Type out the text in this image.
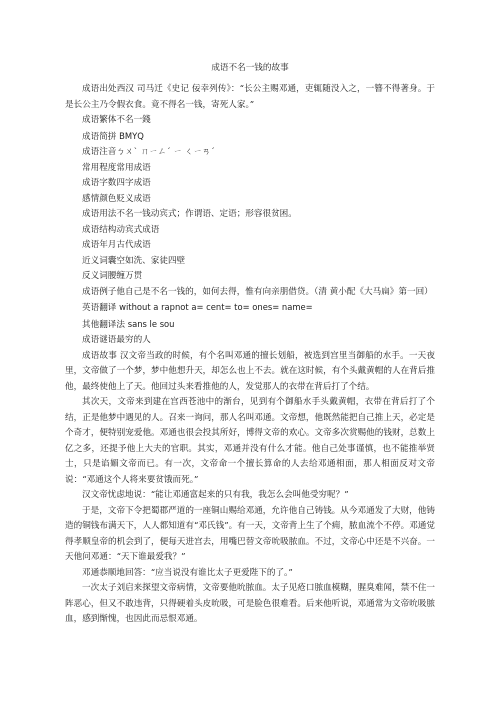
成语不名一钱的故事

成语出处西汉 司马迁《史记 佞幸列传》：“长公主赐邓通，吏辄随没入之，一簪不得著身。于是长公主乃令假衣食。竟不得名一钱，寄死人家。”

成语繁体不名一錢

成语简拼 BMYQ

成语注音ㄅㄨˋ ㄇㄧㄥˊ ㄧ ㄑㄧㄢˊ

常用程度常用成语

成语字数四字成语

感情颜色贬义成语

成语用法不名一钱动宾式；作谓语、定语；形容很贫困。

成语结构动宾式成语

成语年月古代成语

近义词囊空如洗、家徒四壁

反义词腰缠万贯

成语例子他自己是不名一钱的，如何去得，惟有向亲朋借贷。（清 黄小配《大马扁》第一回）

英语翻译 without a rapnot a= cent= to= ones= name=

其他翻译法 sans le sou

成语谜语最穷的人

成语故事 汉文帝当政的时候，有个名叫邓通的擅长划船，被选到宫里当御船的水手。一天夜里，文帝做了一个梦，梦中他想升天，却怎么也上不去。就在这时候，有个头戴黄帽的人在背后推他，最终使他上了天。他回过头来看推他的人，发觉那人的衣带在背后打了个结。

其次天，文帝来到建在宫西苍池中的渐台，见到有个御船水手头戴黄帽，衣带在背后打了个结，正是他梦中遇见的人。召来一询问，那人名叫邓通。文帝想，他既然能把自己推上天，必定是个奇才，便特别宠爱他。邓通也很会投其所好，博得文帝的欢心。文帝多次赏赐他的钱财，总数上亿之多，还提予他上大夫的官职。其实，邓通并没有什么才能。他自己处事谨慎，也不能推举贤士，只是谄媚文帝而已。有一次，文帝命一个擅长算命的人去给邓通相面，那人相面反对文帝说：“邓通这个人将来要贫饿而死。”

汉文帝忧虑地说：“能让邓通富起来的只有我，我怎么会叫他受穷呢？”

于是，文帝下令把蜀郡严道的一座铜山赐给邓通，允许他自己铸钱。从今邓通发了大财，他铸造的铜钱布满天下，人人都知道有“邓氏钱”。有一天，文帝背上生了个痈，脓血流个不停。邓通觉得孝顺皇帝的机会到了，便每天进宫去，用嘴巴替文帝吮吸脓血。不过，文帝心中还是不兴奋。一天他问邓通：“天下谁最爱我？”

邓通恭顺地回答：“应当说没有谁比太子更爱陛下的了。”

一次太子刘启来探望文帝病情，文帝要他吮脓血。太子见疮口脓血模糊，腥臭难闻，禁不住一阵恶心，但又不敢违背，只得硬着头皮吮吸，可是脸色很难看。后来他听说，邓通常为文帝吮吸脓血，感到惭愧，也因此而忌恨邓通。
